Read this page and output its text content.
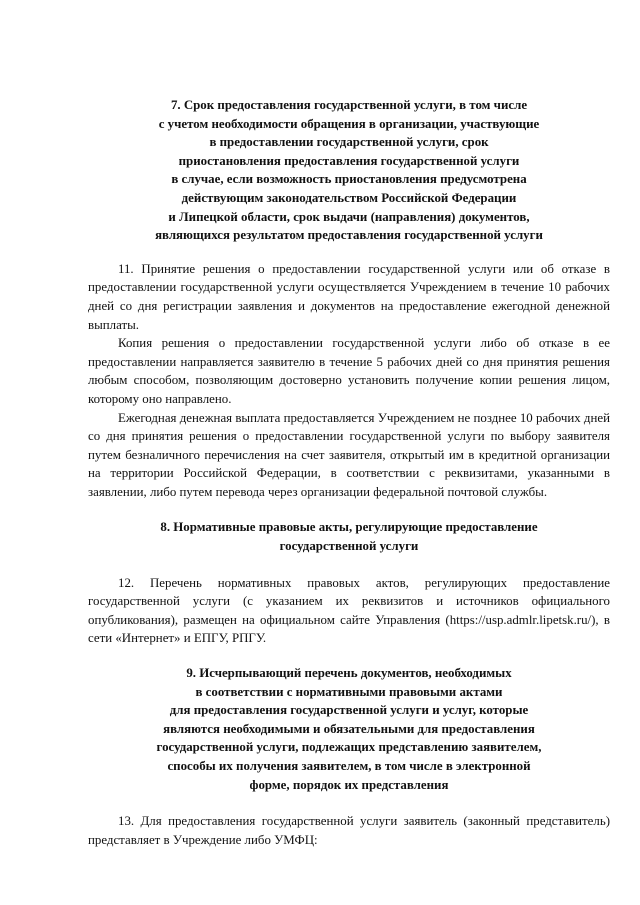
7. Срок предоставления государственной услуги, в том числе
с учетом необходимости обращения в организации, участвующие
в предоставлении государственной услуги, срок
приостановления предоставления государственной услуги
в случае, если возможность приостановления предусмотрена
действующим законодательством Российской Федерации
и Липецкой области, срок выдачи (направления) документов,
являющихся результатом предоставления государственной услуги

11. Принятие решения о предоставлении государственной услуги или об отказе в предоставлении государственной услуги осуществляется Учреждением в течение 10 рабочих дней со дня регистрации заявления и документов на предоставление ежегодной денежной выплаты.

Копия решения о предоставлении государственной услуги либо об отказе в ее предоставлении направляется заявителю в течение 5 рабочих дней со дня принятия решения любым способом, позволяющим достоверно установить получение копии решения лицом, которому оно направлено.

Ежегодная денежная выплата предоставляется Учреждением не позднее 10 рабочих дней со дня принятия решения о предоставлении государственной услуги по выбору заявителя путем безналичного перечисления на счет заявителя, открытый им в кредитной организации на территории Российской Федерации, в соответствии с реквизитами, указанными в заявлении, либо путем перевода через организации федеральной почтовой службы.

8. Нормативные правовые акты, регулирующие предоставление
государственной услуги

12. Перечень нормативных правовых актов, регулирующих предоставление государственной услуги (с указанием их реквизитов и источников официального опубликования), размещен на официальном сайте Управления (https://usp.admlr.lipetsk.ru/), в сети «Интернет» и ЕПГУ, РПГУ.

9. Исчерпывающий перечень документов, необходимых
в соответствии с нормативными правовыми актами
для предоставления государственной услуги и услуг, которые
являются необходимыми и обязательными для предоставления
государственной услуги, подлежащих представлению заявителем,
способы их получения заявителем, в том числе в электронной
форме, порядок их представления

13. Для предоставления государственной услуги заявитель (законный представитель) представляет в Учреждение либо УМФЦ:
